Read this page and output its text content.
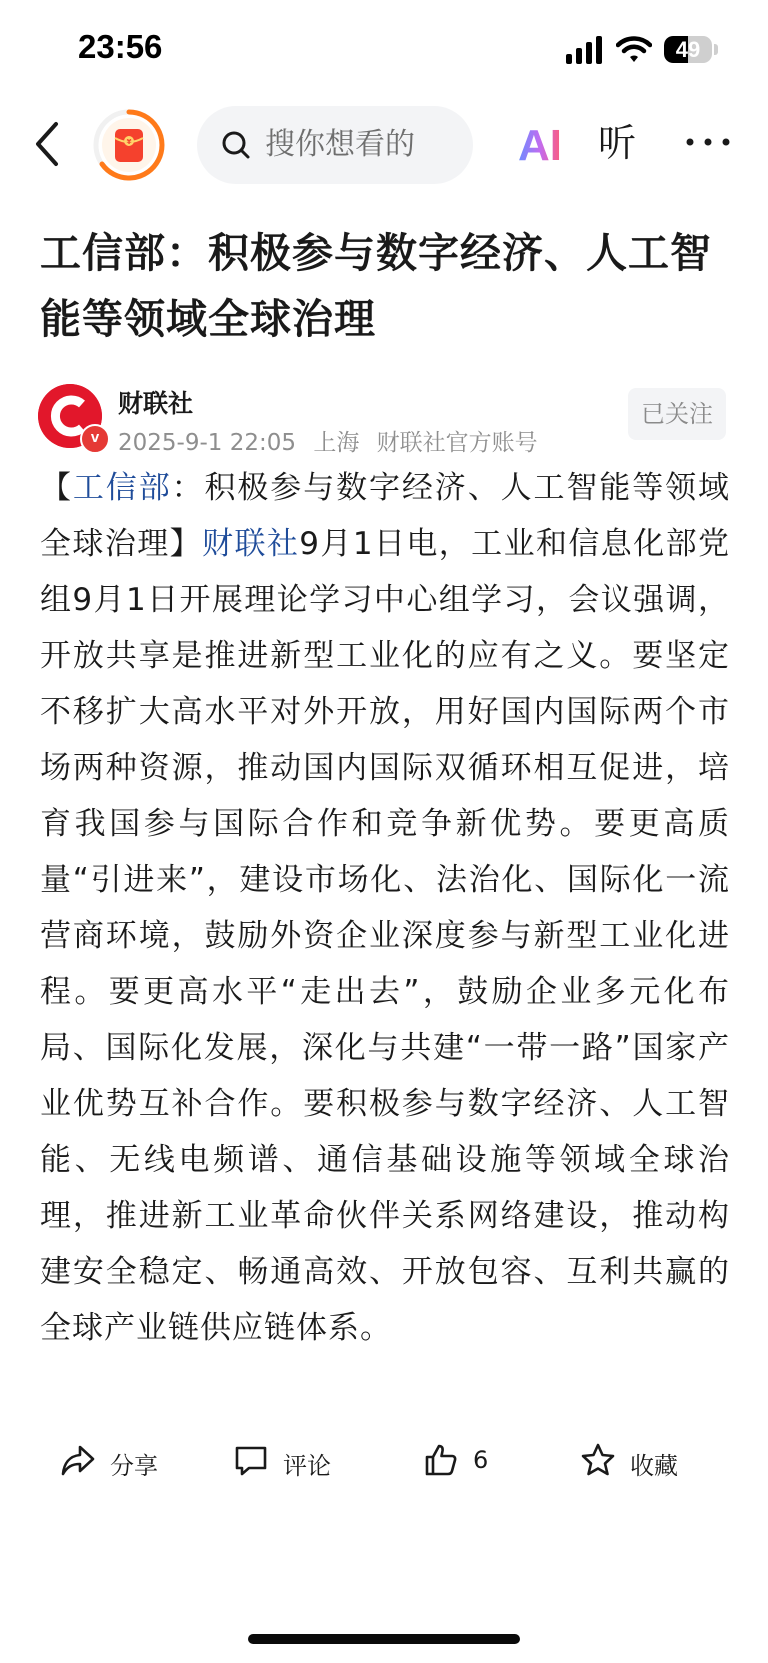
23:56	49
¥	搜你想看的 AI 听
工信部：积极参与数字经济、人工智能等领域全球治理
v
财联社
2025-9-1 22:05 上海 财联社官方账号
已关注
【工信部：积极参与数字经济、人工智能等领域全球治理】财联社9月1日电，工业和信息化部党组9月1日开展理论学习中心组学习，会议强调，开放共享是推进新型工业化的应有之义。要坚定不移扩大高水平对外开放，用好国内国际两个市场两种资源，推动国内国际双循环相互促进，培育我国参与国际合作和竞争新优势。要更高质量“引进来”，建设市场化、法治化、国际化一流营商环境，鼓励外资企业深度参与新型工业化进程。要更高水平“走出去”，鼓励企业多元化布局、国际化发展，深化与共建“一带一路”国家产业优势互补合作。要积极参与数字经济、人工智能、无线电频谱、通信基础设施等领域全球治理，推进新工业革命伙伴关系网络建设，推动构建安全稳定、畅通高效、开放包容、互利共赢的全球产业链供应链体系。
分享	评论	6	收藏
